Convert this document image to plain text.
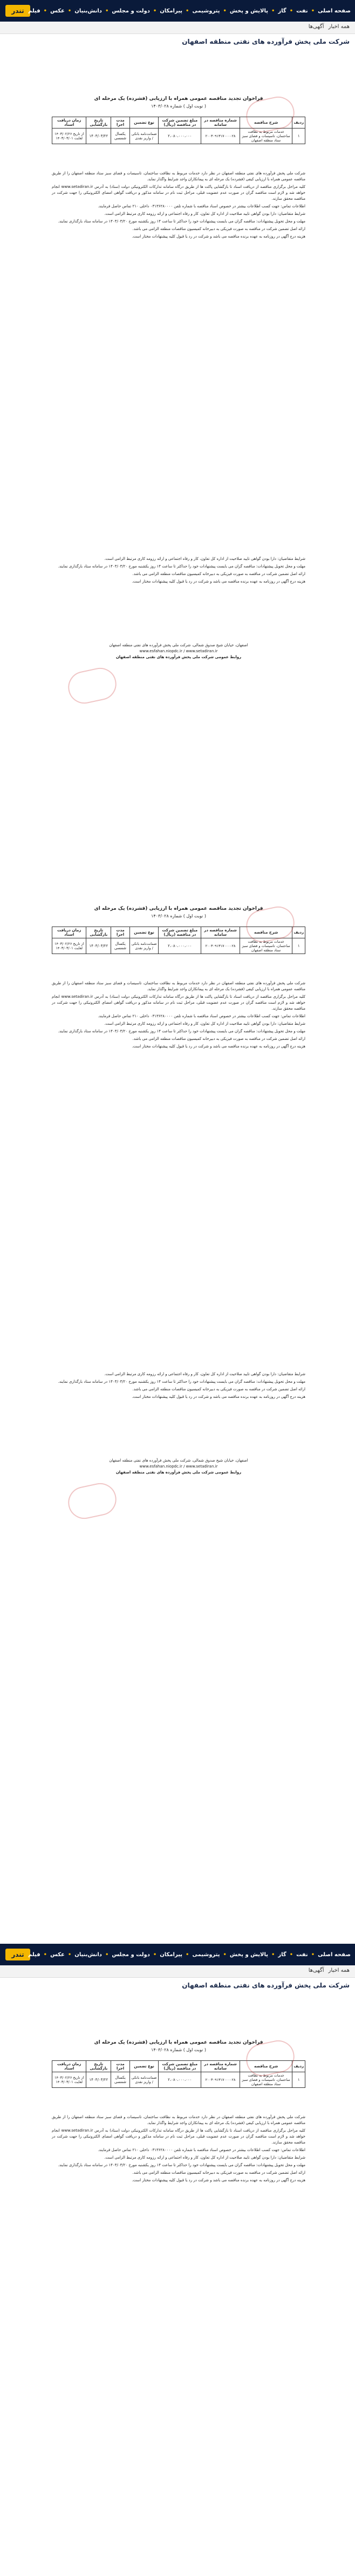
تندر	صفحه اصلی
• نفت
• گاز
• پالایش و پخش
• پتروشیمی
• پیرامکان
• دولت و مجلس
• دانش‌بنیان
• عکس
• فیلم
همه اخبار
آگهی‌ها
شرکت ملی پخش فرآورده های نفتی منطقه اصفهان
فراخوان تجدید مناقصه عمومی همراه با ارزیابی (فشرده) یک مرحله ای
( نوبت اول ) شماره ۱۴۰۳/۰۲۸
ردیف	شرح مناقصه	شماره مناقصه در سامانه	مبلغ تضمین شرکت در مناقصه (ریال)	نوع تضمین	مدت اجرا	تاریخ بازگشایی	زمان دریافت اسناد
۱	خدمات مربوط به نظافت ساختمان، تاسیسات و فضای سبز ستاد منطقه اصفهان	۲۰۰۳۰۹۱۳۱۷۰۰۰۰۲۸	۲،۰۸۰،۰۰۰،۰۰۰	ضمانت‌نامه بانکی / واریز نقدی	یکسال شمسی	۱۴۰۳/۰۳/۲۲	از تاریخ ۱۴۰۳/۰۲/۲۶ لغایت ۱۴۰۳/۰۳/۰۱

شرکت ملی پخش فرآورده های نفتی منطقه اصفهان در نظر دارد خدمات مربوط به نظافت ساختمان، تاسیسات و فضای سبز ستاد منطقه اصفهان را از طریق مناقصه عمومی همراه با ارزیابی کیفی (فشرده) یک مرحله ای به پیمانکاران واجد شرایط واگذار نماید.

کلیه مراحل برگزاری مناقصه از دریافت اسناد تا بازگشایی پاکت ها از طریق درگاه سامانه تدارکات الکترونیکی دولت (ستاد) به آدرس www.setadiran.ir انجام خواهد شد و لازم است مناقصه گران در صورت عدم عضویت قبلی، مراحل ثبت نام در سامانه مذکور و دریافت گواهی امضای الکترونیکی را جهت شرکت در مناقصه محقق سازند.

اطلاعات تماس: جهت کسب اطلاعات بیشتر در خصوص اسناد مناقصه با شماره تلفن ۰۳۱۳۶۲۸۰۰۰۰ داخلی ۲۱۰ تماس حاصل فرمایند.

شرایط متقاضیان: دارا بودن گواهی تایید صلاحیت از اداره کل تعاون، کار و رفاه اجتماعی و ارائه رزومه کاری مرتبط الزامی است.

مهلت و محل تحویل پیشنهادات: مناقصه گران می بایست پیشنهادات خود را حداکثر تا ساعت ۱۴ روز یکشنبه مورخ ۱۴۰۳/۰۳/۲۰ در سامانه ستاد بارگذاری نمایند.

ارائه اصل تضمین شرکت در مناقصه به صورت فیزیکی به دبیرخانه کمیسیون مناقصات منطقه الزامی می باشد.

هزینه درج آگهی در روزنامه به عهده برنده مناقصه می باشد و شرکت در رد یا قبول کلیه پیشنهادات مختار است.

شرایط متقاضیان: دارا بودن گواهی تایید صلاحیت از اداره کل تعاون، کار و رفاه اجتماعی و ارائه رزومه کاری مرتبط الزامی است.

مهلت و محل تحویل پیشنهادات: مناقصه گران می بایست پیشنهادات خود را حداکثر تا ساعت ۱۴ روز یکشنبه مورخ ۱۴۰۳/۰۳/۲۰ در سامانه ستاد بارگذاری نمایند.

ارائه اصل تضمین شرکت در مناقصه به صورت فیزیکی به دبیرخانه کمیسیون مناقصات منطقه الزامی می باشد.

هزینه درج آگهی در روزنامه به عهده برنده مناقصه می باشد و شرکت در رد یا قبول کلیه پیشنهادات مختار است.

اصفهان، خیابان شیخ صدوق شمالی، شرکت ملی پخش فرآورده های نفتی منطقه اصفهان
www.esfahan.niopdc.ir / www.setadiran.ir
روابط عمومی شرکت ملی پخش فرآورده های نفتی منطقه اصفهان
فراخوان تجدید مناقصه عمومی همراه با ارزیابی (فشرده) یک مرحله ای
( نوبت اول ) شماره ۱۴۰۳/۰۲۸
ردیف	شرح مناقصه	شماره مناقصه در سامانه	مبلغ تضمین شرکت در مناقصه (ریال)	نوع تضمین	مدت اجرا	تاریخ بازگشایی	زمان دریافت اسناد
۱	خدمات مربوط به نظافت ساختمان، تاسیسات و فضای سبز ستاد منطقه اصفهان	۲۰۰۳۰۹۱۳۱۷۰۰۰۰۲۸	۲،۰۸۰،۰۰۰،۰۰۰	ضمانت‌نامه بانکی / واریز نقدی	یکسال شمسی	۱۴۰۳/۰۳/۲۲	از تاریخ ۱۴۰۳/۰۲/۲۶ لغایت ۱۴۰۳/۰۳/۰۱

شرکت ملی پخش فرآورده های نفتی منطقه اصفهان در نظر دارد خدمات مربوط به نظافت ساختمان، تاسیسات و فضای سبز ستاد منطقه اصفهان را از طریق مناقصه عمومی همراه با ارزیابی کیفی (فشرده) یک مرحله ای به پیمانکاران واجد شرایط واگذار نماید.

کلیه مراحل برگزاری مناقصه از دریافت اسناد تا بازگشایی پاکت ها از طریق درگاه سامانه تدارکات الکترونیکی دولت (ستاد) به آدرس www.setadiran.ir انجام خواهد شد و لازم است مناقصه گران در صورت عدم عضویت قبلی، مراحل ثبت نام در سامانه مذکور و دریافت گواهی امضای الکترونیکی را جهت شرکت در مناقصه محقق سازند.

اطلاعات تماس: جهت کسب اطلاعات بیشتر در خصوص اسناد مناقصه با شماره تلفن ۰۳۱۳۶۲۸۰۰۰۰ داخلی ۲۱۰ تماس حاصل فرمایند.

شرایط متقاضیان: دارا بودن گواهی تایید صلاحیت از اداره کل تعاون، کار و رفاه اجتماعی و ارائه رزومه کاری مرتبط الزامی است.

مهلت و محل تحویل پیشنهادات: مناقصه گران می بایست پیشنهادات خود را حداکثر تا ساعت ۱۴ روز یکشنبه مورخ ۱۴۰۳/۰۳/۲۰ در سامانه ستاد بارگذاری نمایند.

ارائه اصل تضمین شرکت در مناقصه به صورت فیزیکی به دبیرخانه کمیسیون مناقصات منطقه الزامی می باشد.

هزینه درج آگهی در روزنامه به عهده برنده مناقصه می باشد و شرکت در رد یا قبول کلیه پیشنهادات مختار است.

شرایط متقاضیان: دارا بودن گواهی تایید صلاحیت از اداره کل تعاون، کار و رفاه اجتماعی و ارائه رزومه کاری مرتبط الزامی است.

مهلت و محل تحویل پیشنهادات: مناقصه گران می بایست پیشنهادات خود را حداکثر تا ساعت ۱۴ روز یکشنبه مورخ ۱۴۰۳/۰۳/۲۰ در سامانه ستاد بارگذاری نمایند.

ارائه اصل تضمین شرکت در مناقصه به صورت فیزیکی به دبیرخانه کمیسیون مناقصات منطقه الزامی می باشد.

هزینه درج آگهی در روزنامه به عهده برنده مناقصه می باشد و شرکت در رد یا قبول کلیه پیشنهادات مختار است.

اصفهان، خیابان شیخ صدوق شمالی، شرکت ملی پخش فرآورده های نفتی منطقه اصفهان
www.esfahan.niopdc.ir / www.setadiran.ir
روابط عمومی شرکت ملی پخش فرآورده های نفتی منطقه اصفهان
تندر	صفحه اصلی
• نفت
• گاز
• پالایش و پخش
• پتروشیمی
• پیرامکان
• دولت و مجلس
• دانش‌بنیان
• عکس
• فیلم
همه اخبار
آگهی‌ها
شرکت ملی پخش فرآورده های نفتی منطقه اصفهان
فراخوان تجدید مناقصه عمومی همراه با ارزیابی (فشرده) یک مرحله ای
( نوبت اول ) شماره ۱۴۰۳/۰۲۸
ردیف	شرح مناقصه	شماره مناقصه در سامانه	مبلغ تضمین شرکت در مناقصه (ریال)	نوع تضمین	مدت اجرا	تاریخ بازگشایی	زمان دریافت اسناد
۱	خدمات مربوط به نظافت ساختمان، تاسیسات و فضای سبز ستاد منطقه اصفهان	۲۰۰۳۰۹۱۳۱۷۰۰۰۰۲۸	۲،۰۸۰،۰۰۰،۰۰۰	ضمانت‌نامه بانکی / واریز نقدی	یکسال شمسی	۱۴۰۳/۰۳/۲۲	از تاریخ ۱۴۰۳/۰۲/۲۶ لغایت ۱۴۰۳/۰۳/۰۱

شرکت ملی پخش فرآورده های نفتی منطقه اصفهان در نظر دارد خدمات مربوط به نظافت ساختمان، تاسیسات و فضای سبز ستاد منطقه اصفهان را از طریق مناقصه عمومی همراه با ارزیابی کیفی (فشرده) یک مرحله ای به پیمانکاران واجد شرایط واگذار نماید.

کلیه مراحل برگزاری مناقصه از دریافت اسناد تا بازگشایی پاکت ها از طریق درگاه سامانه تدارکات الکترونیکی دولت (ستاد) به آدرس www.setadiran.ir انجام خواهد شد و لازم است مناقصه گران در صورت عدم عضویت قبلی، مراحل ثبت نام در سامانه مذکور و دریافت گواهی امضای الکترونیکی را جهت شرکت در مناقصه محقق سازند.

اطلاعات تماس: جهت کسب اطلاعات بیشتر در خصوص اسناد مناقصه با شماره تلفن ۰۳۱۳۶۲۸۰۰۰۰ داخلی ۲۱۰ تماس حاصل فرمایند.

شرایط متقاضیان: دارا بودن گواهی تایید صلاحیت از اداره کل تعاون، کار و رفاه اجتماعی و ارائه رزومه کاری مرتبط الزامی است.

مهلت و محل تحویل پیشنهادات: مناقصه گران می بایست پیشنهادات خود را حداکثر تا ساعت ۱۴ روز یکشنبه مورخ ۱۴۰۳/۰۳/۲۰ در سامانه ستاد بارگذاری نمایند.

ارائه اصل تضمین شرکت در مناقصه به صورت فیزیکی به دبیرخانه کمیسیون مناقصات منطقه الزامی می باشد.

هزینه درج آگهی در روزنامه به عهده برنده مناقصه می باشد و شرکت در رد یا قبول کلیه پیشنهادات مختار است.
